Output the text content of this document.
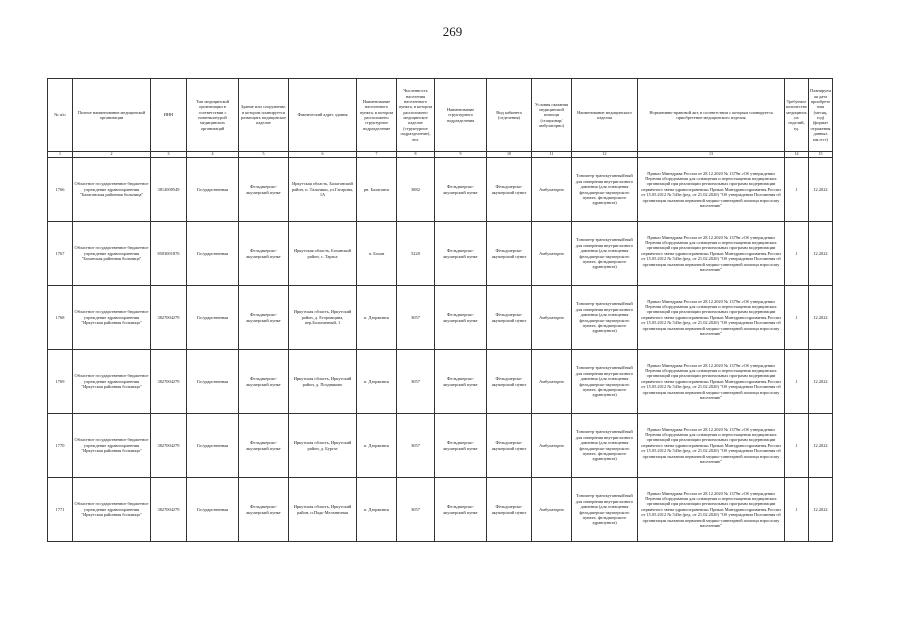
269
№ п/п	Полное наименование медицинской организации	ИНН	Тип медицинской организации в соответствии с номенклатурой медицинских организаций	Здание или сооружение, в котором планируется размещать медицинское изделие	Фактический адрес здания	Наименование населенного пункта, в котором расположено структурное подразделение	Численность населения населенного пункта, в котором расположено медицинское изделие (структурное подразделение), чел.	Наименование структурного подразделения	Вид кабинета (отделения)	Условия оказания медицинской помощи (стационар/амбулаторно)	Наименование медицинского изделия	Нормативно-правовой акт, в соответствии с которым планируется приобретение медицинского изделия	Требуемое количество медицинских изделий, ед.	Планируемая дата приобретения (месяц, год) (формат отражения данных мм.гггг)
1	2	3	4	5	6	7	8	9	10	11	12	13	14	15
1766	Областное государственное бюджетное учреждение здравоохранения "Балаганская районная больница"	3812000549	Государственная	Фельдшерско-акушерский пункт	Иркутская область, Балаганский район, п. Тальники, ул.Гагарина, 1А	рн. Балаганск	3882	Фельдшерско-акушерский пункт	Фельдшерско-акушерский пункт	Амбулаторно	Тонометр транскутанный/ный для измерения внутриглазного давления (для оснащения фельдшерско-акушерского пункта, фельдшерского здравпункта)	Приказ Минздрава России от 28.12.2020 № 1379н «Об утверждении Перечня оборудования для оснащения и переоснащения медицинских организаций при реализации региональных программ модернизации первичного звена здравоохранения» Приказ Минздравсоцразвития России от 15.05.2012 № 543н (ред. от 21.02.2020) "Об утверждении Положения об организации оказания первичной медико-санитарной помощи взрослому населению"	1	12.2022
1767	Областное государственное бюджетное учреждение здравоохранения "Боханская районная больница"	8503001870	Государственная	Фельдшерско-акушерский пункт	Иркутская область, Боханский район, с. Тараса	п. Бохан	5220	Фельдшерско-акушерский пункт	Фельдшерско-акушерский пункт	Амбулаторно	Тонометр транскутанный/ный для измерения внутриглазного давления (для оснащения фельдшерско-акушерского пункта, фельдшерского здравпункта)	Приказ Минздрава России от 28.12.2020 № 1379н «Об утверждении Перечня оборудования для оснащения и переоснащения медицинских организаций при реализации региональных программ модернизации первичного звена здравоохранения» Приказ Минздравсоцразвития России от 15.05.2012 № 543н (ред. от 21.02.2020) "Об утверждении Положения об организации оказания первичной медико-санитарной помощи взрослому населению"	1	12.2022
1768	Областное государственное бюджетное учреждение здравоохранения "Иркутская районная больница"	3827004279	Государственная	Фельдшерско-акушерский пункт	Иркутская область, Иркутский район, д. Егоровщина, пер.Больничный, 1	п. Дзержинск	3057	Фельдшерско-акушерский пункт	Фельдшерско-акушерский пункт	Амбулаторно	Тонометр транскутанный/ный для измерения внутриглазного давления (для оснащения фельдшерско-акушерского пункта, фельдшерского здравпункта)	Приказ Минздрава России от 28.12.2020 № 1379н «Об утверждении Перечня оборудования для оснащения и переоснащения медицинских организаций при реализации региональных программ модернизации первичного звена здравоохранения» Приказ Минздравсоцразвития России от 15.05.2012 № 543н (ред. от 21.02.2020) "Об утверждении Положения об организации оказания первичной медико-санитарной помощи взрослому населению"	1	12.2022
1769	Областное государственное бюджетное учреждение здравоохранения "Иркутская районная больница"	3827004279	Государственная	Фельдшерско-акушерский пункт	Иркутская область, Иркутский район, д. Поздняково	п. Дзержинск	3057	Фельдшерско-акушерский пункт	Фельдшерско-акушерский пункт	Амбулаторно	Тонометр транскутанный/ный для измерения внутриглазного давления (для оснащения фельдшерско-акушерского пункта, фельдшерского здравпункта)	Приказ Минздрава России от 28.12.2020 № 1379н «Об утверждении Перечня оборудования для оснащения и переоснащения медицинских организаций при реализации региональных программ модернизации первичного звена здравоохранения» Приказ Минздравсоцразвития России от 15.05.2012 № 543н (ред. от 21.02.2020) "Об утверждении Положения об организации оказания первичной медико-санитарной помощи взрослому населению"	1	12.2022
1770	Областное государственное бюджетное учреждение здравоохранения "Иркутская районная больница"	3827004279	Государственная	Фельдшерско-акушерский пункт	Иркутская область, Иркутский район, д. Бургаз	п. Дзержинск	3057	Фельдшерско-акушерский пункт	Фельдшерско-акушерский пункт	Амбулаторно	Тонометр транскутанный/ный для измерения внутриглазного давления (для оснащения фельдшерско-акушерского пункта, фельдшерского здравпункта)	Приказ Минздрава России от 28.12.2020 № 1379н «Об утверждении Перечня оборудования для оснащения и переоснащения медицинских организаций при реализации региональных программ модернизации первичного звена здравоохранения» Приказ Минздравсоцразвития России от 15.05.2012 № 543н (ред. от 21.02.2020) "Об утверждении Положения об организации оказания первичной медико-санитарной помощи взрослому населению"	1	12.2022
1771	Областное государственное бюджетное учреждение здравоохранения "Иркутская районная больница"	3827004279	Государственная	Фельдшерско-акушерский пункт	Иркутская область, Иркутский район, п.Падь-Мельничная	п. Дзержинск	3057	Фельдшерско-акушерский пункт	Фельдшерско-акушерский пункт	Амбулаторно	Тонометр транскутанный/ный для измерения внутриглазного давления (для оснащения фельдшерско-акушерского пункта, фельдшерского здравпункта)	Приказ Минздрава России от 28.12.2020 № 1379н «Об утверждении Перечня оборудования для оснащения и переоснащения медицинских организаций при реализации региональных программ модернизации первичного звена здравоохранения» Приказ Минздравсоцразвития России от 15.05.2012 № 543н (ред. от 21.02.2020) "Об утверждении Положения об организации оказания первичной медико-санитарной помощи взрослому населению"	1	12.2022
